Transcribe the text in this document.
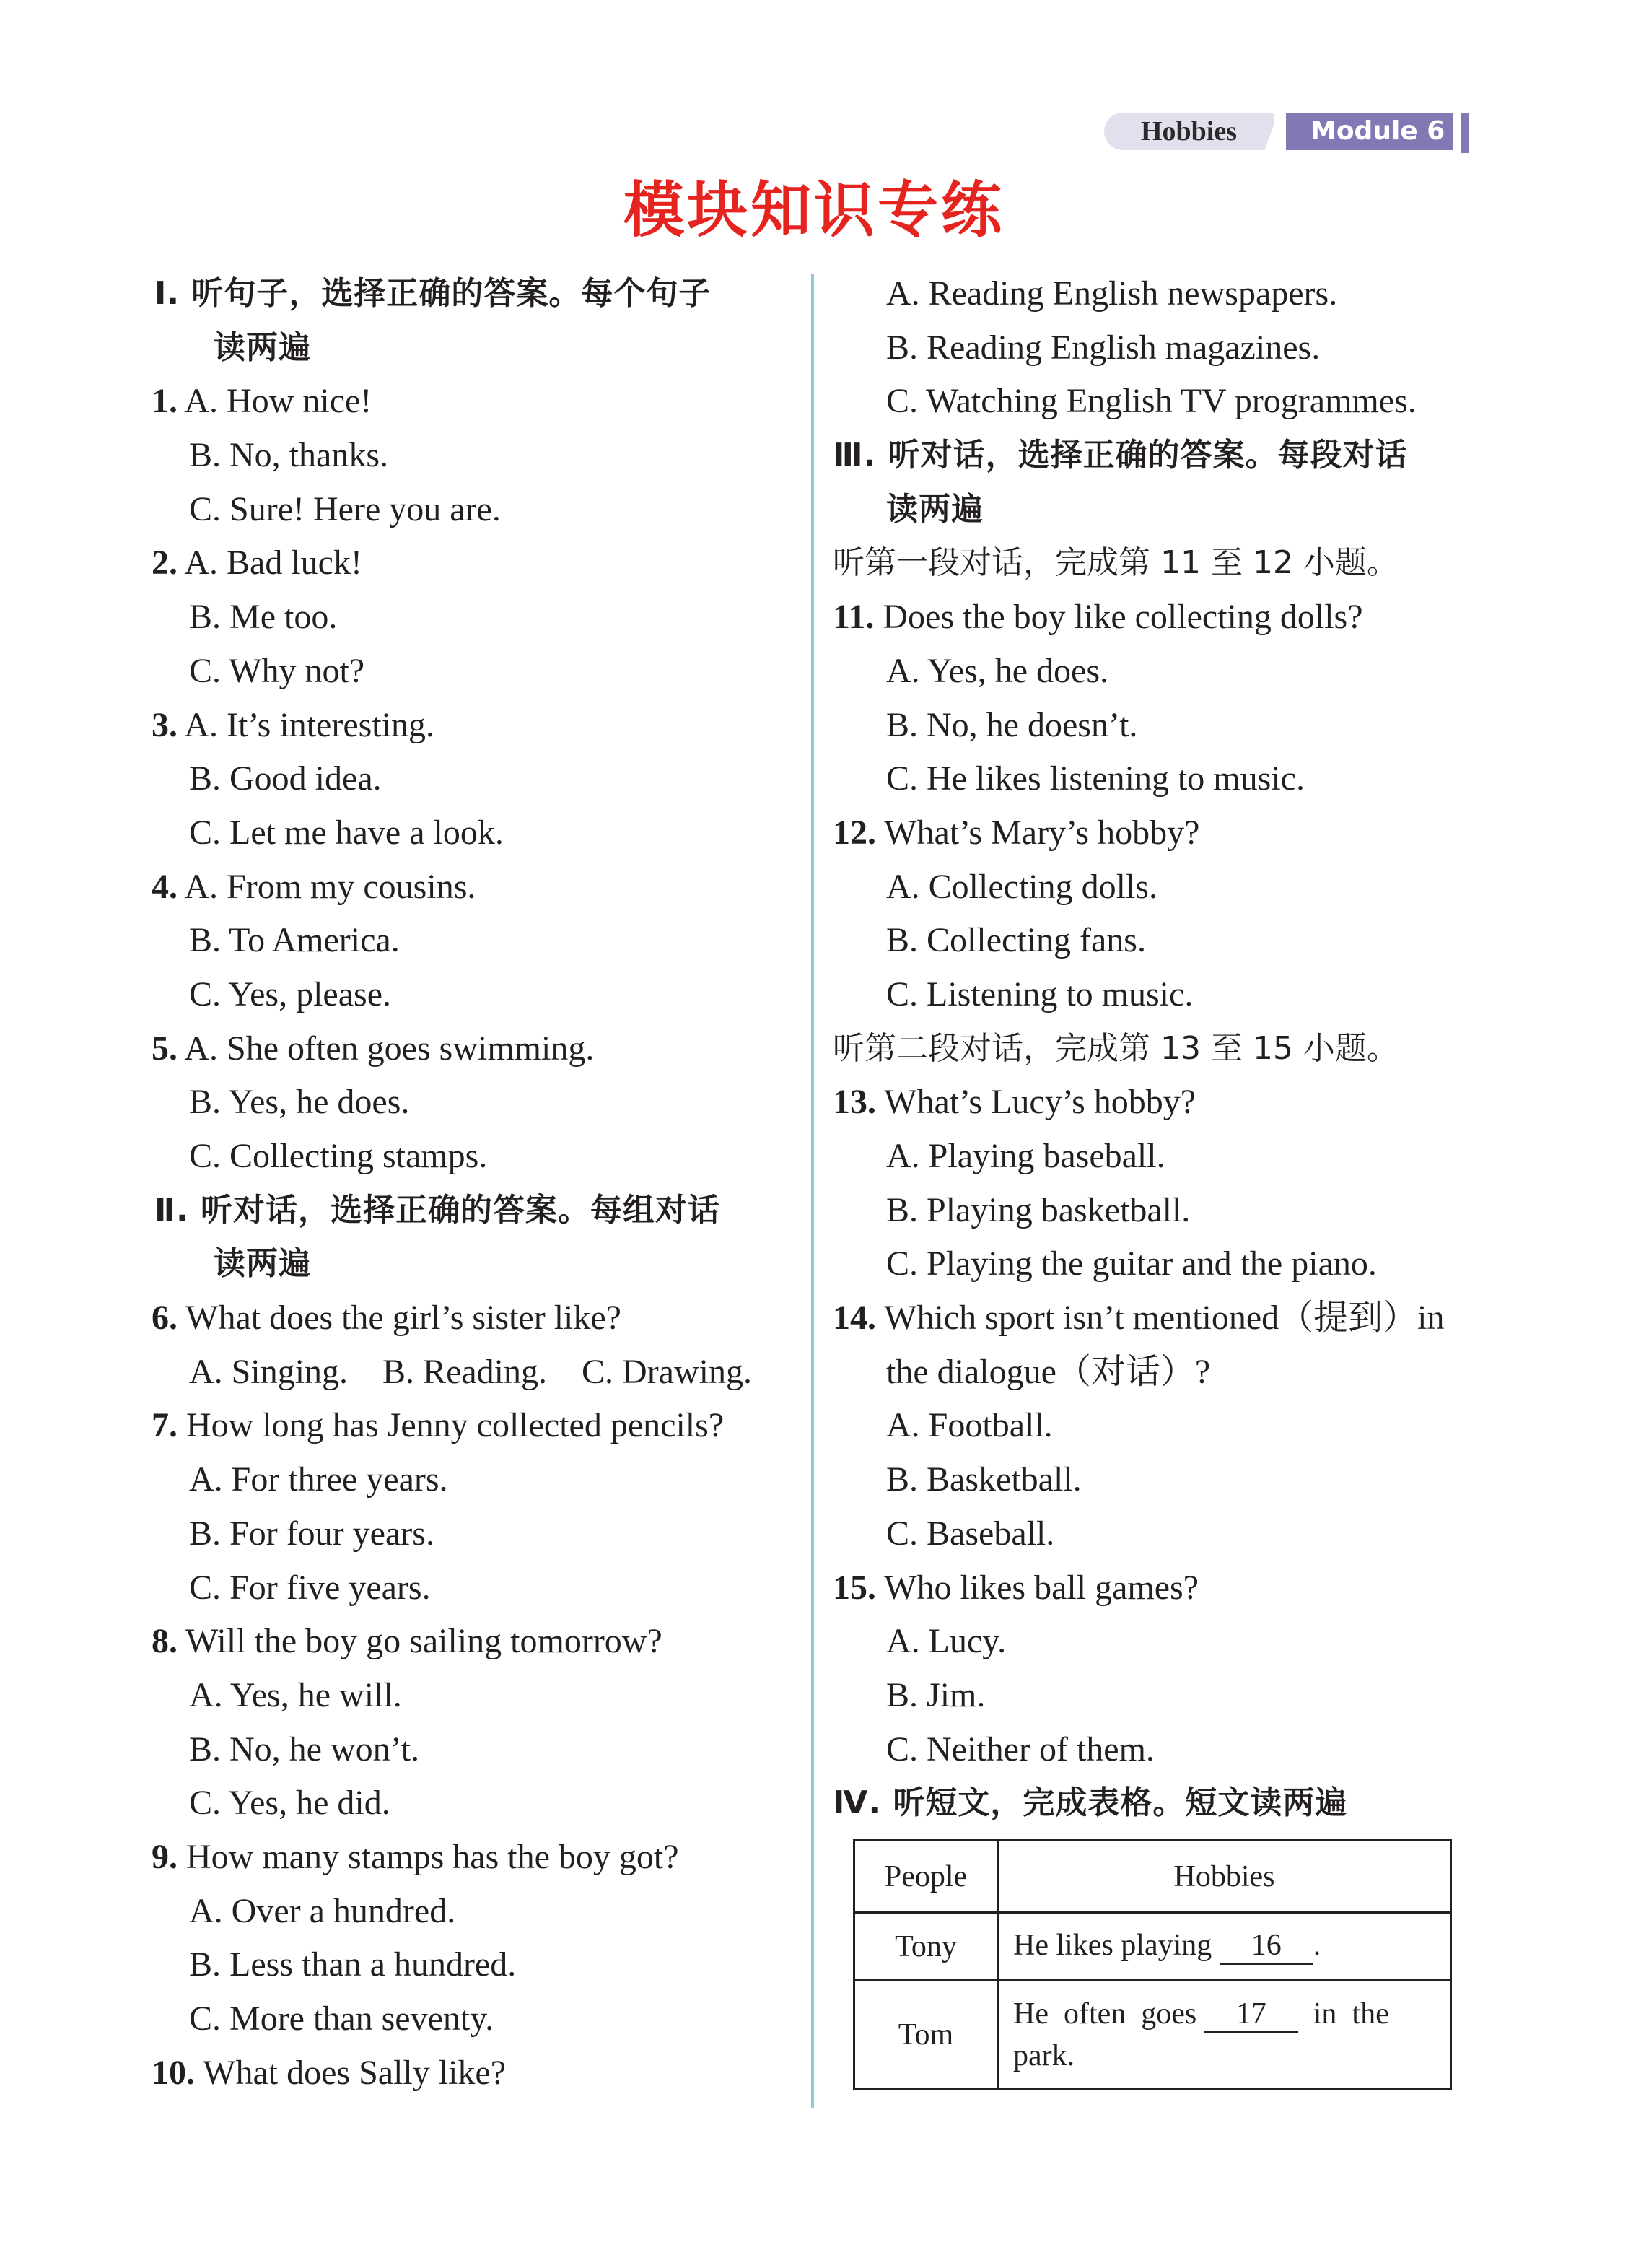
Hobbies	Module 6
模块知识专练
Ⅰ. 听句子，选择正确的答案。每个句子
读两遍
1. A. How nice!
B. No, thanks.
C. Sure! Here you are.
2. A. Bad luck!
B. Me too.
C. Why not?
3. A. It’s interesting.
B. Good idea.
C. Let me have a look.
4. A. From my cousins.
B. To America.
C. Yes, please.
5. A. She often goes swimming.
B. Yes, he does.
C. Collecting stamps.
Ⅱ. 听对话，选择正确的答案。每组对话
读两遍
6. What does the girl’s sister like?
A. Singing. B. Reading. C. Drawing.
7. How long has Jenny collected pencils?
A. For three years.
B. For four years.
C. For five years.
8. Will the boy go sailing tomorrow?
A. Yes, he will.
B. No, he won’t.
C. Yes, he did.
9. How many stamps has the boy got?
A. Over a hundred.
B. Less than a hundred.
C. More than seventy.
10. What does Sally like?
A. Reading English newspapers.
B. Reading English magazines.
C. Watching English TV programmes.
Ⅲ. 听对话，选择正确的答案。每段对话
读两遍
听第一段对话，完成第 11 至 12 小题。
11. Does the boy like collecting dolls?
A. Yes, he does.
B. No, he doesn’t.
C. He likes listening to music.
12. What’s Mary’s hobby?
A. Collecting dolls.
B. Collecting fans.
C. Listening to music.
听第二段对话，完成第 13 至 15 小题。
13. What’s Lucy’s hobby?
A. Playing baseball.
B. Playing basketball.
C. Playing the guitar and the piano.
14. Which sport isn’t mentioned（提到）in
the dialogue（对话）?
A. Football.
B. Basketball.
C. Baseball.
15. Who likes ball games?
A. Lucy.
B. Jim.
C. Neither of them.
Ⅳ. 听短文，完成表格。短文读两遍
People	Hobbies
Tony	He likes playing 16 .
Tom	He  often  goes 17  in  the
park.
